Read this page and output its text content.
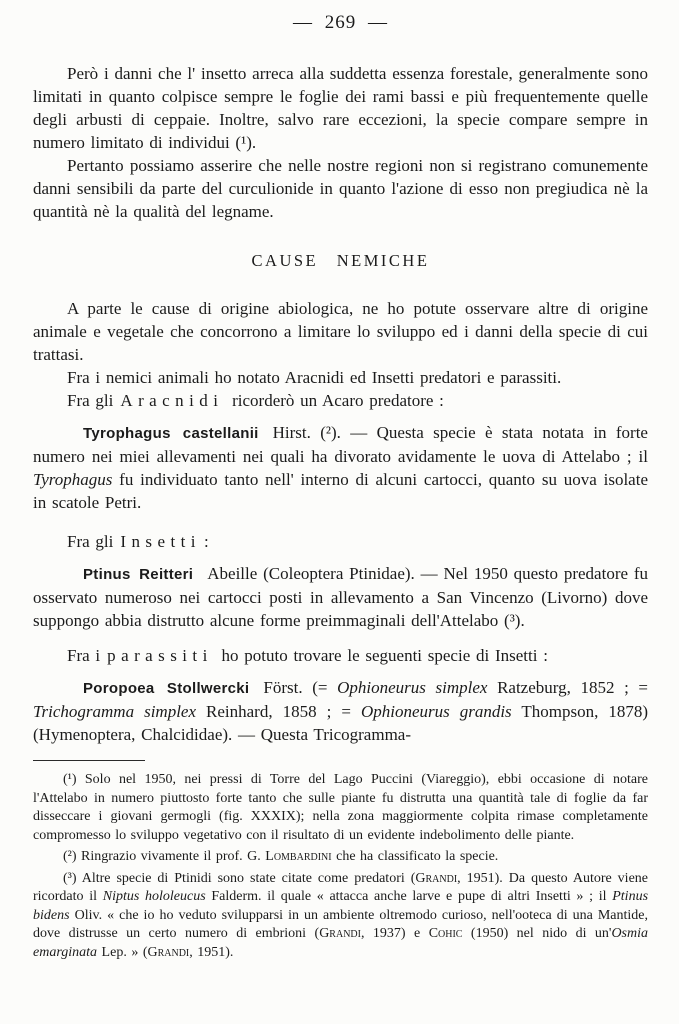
— 269 —

Però i danni che l' insetto arreca alla suddetta essenza forestale, generalmente sono limitati in quanto colpisce sempre le foglie dei rami bassi e più frequentemente quelle degli arbusti di ceppaie. Inoltre, salvo rare eccezioni, la specie compare sempre in numero limitato di individui (¹).

Pertanto possiamo asserire che nelle nostre regioni non si registrano comunemente danni sensibili da parte del curculionide in quanto l'azione di esso non pregiudica nè la quantità nè la qualità del legname.

CAUSE NEMICHE

A parte le cause di origine abiologica, ne ho potute osservare altre di origine animale e vegetale che concorrono a limitare lo sviluppo ed i danni della specie di cui trattasi.

Fra i nemici animali ho notato Aracnidi ed Insetti predatori e parassiti.

Fra gli Aracnidi ricorderò un Acaro predatore :

Tyrophagus castellanii Hirst. (²). — Questa specie è stata notata in forte numero nei miei allevamenti nei quali ha divorato avidamente le uova di Attelabo ; il Tyrophagus fu individuato tanto nell' interno di alcuni cartocci, quanto su uova isolate in scatole Petri.

Fra gli Insetti :

Ptinus Reitteri Abeille (Coleoptera Ptinidae). — Nel 1950 questo predatore fu osservato numeroso nei cartocci posti in allevamento a San Vincenzo (Livorno) dove suppongo abbia distrutto alcune forme preimmaginali dell'Attelabo (³).

Fra i parassiti ho potuto trovare le seguenti specie di Insetti :

Poropoea Stollwercki Först. (= Ophioneurus simplex Ratzeburg, 1852 ; = Trichogramma simplex Reinhard, 1858 ; = Ophioneurus grandis Thompson, 1878) (Hymenoptera, Chalcididae). — Questa Tricogramma-

(¹) Solo nel 1950, nei pressi di Torre del Lago Puccini (Viareggio), ebbi occasione di notare l'Attelabo in numero piuttosto forte tanto che sulle piante fu distrutta una quantità tale di foglie da far disseccare i giovani germogli (fig. XXXIX); nella zona maggiormente colpita rimase completamente compromesso lo sviluppo vegetativo con il risultato di un evidente indebolimento delle piante.

(²) Ringrazio vivamente il prof. G. Lombardini che ha classificato la specie.

(³) Altre specie di Ptinidi sono state citate come predatori (Grandi, 1951). Da questo Autore viene ricordato il Niptus hololeucus Falderm. il quale « attacca anche larve e pupe di altri Insetti » ; il Ptinus bidens Oliv. « che io ho veduto svilupparsi in un ambiente oltremodo curioso, nell'ooteca di una Mantide, dove distrusse un certo numero di embrioni (Grandi, 1937) e Cohic (1950) nel nido di un'Osmia emarginata Lep. » (Grandi, 1951).
